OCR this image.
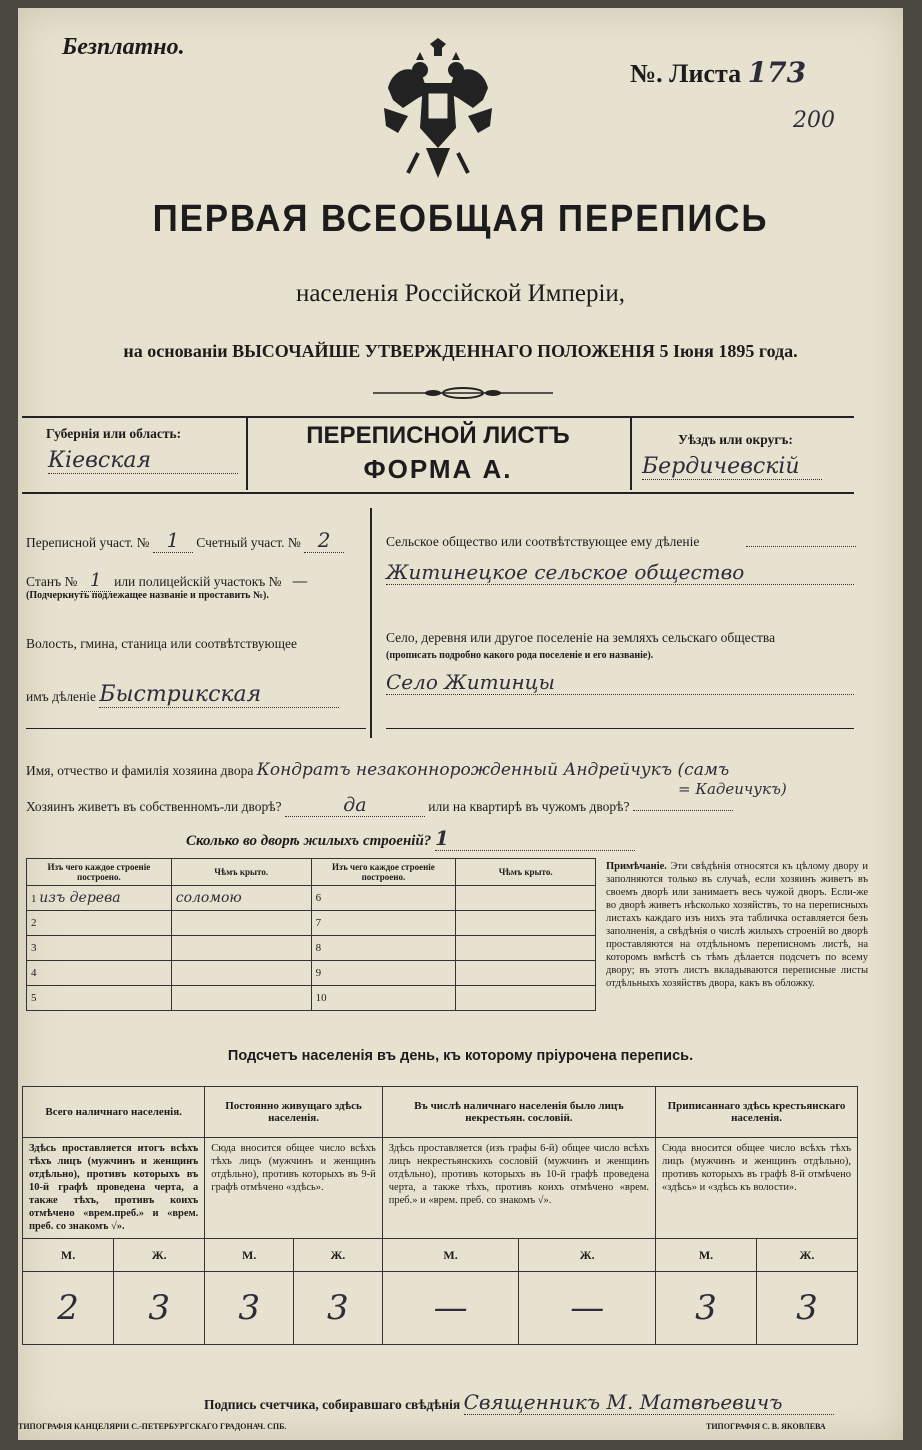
Безплатно.
№. Листа 173
200
ПЕРВАЯ ВСЕОБЩАЯ ПЕРЕПИСЬ
населенія Россійской Имперіи,
на основаніи ВЫСОЧАЙШЕ УТВЕРЖДЕННАГО ПОЛОЖЕНІЯ 5 Іюня 1895 года.
Губернія или область:
Кіевская
ПЕРЕПИСНОЙ ЛИСТЪ
ФОРМА А.
Уѣздъ или округъ:
Бердичевскій
Переписной участ. № 1 Счетный участ. № 2
Станъ № 1 или полицейскій участокъ № —
(Подчеркнуть подлежащее названіе и проставить №).
Волость, гмина, станица или соотвѣтствующее
имъ дѣленіе Быстрикская
Сельское общество или соотвѣтствующее ему дѣленіе
Житинецкое сельское общество
Село, деревня или другое поселеніе на земляхъ сельскаго общества
(прописать подробно какого рода поселеніе и его названіе).
Село Житинцы
Имя, отчество и фамилія хозяина двора Кондратъ незаконнорожденный Андрейчукъ (самъ
= Кадеичукъ)
Хозяинъ живетъ въ собственномъ-ли дворѣ?	да	или на квартирѣ въ чужомъ дворѣ?
Сколько во дворѣ жилыхъ строеній? 1
Изъ чего каждое строеніе построено.	Чѣмъ крыто.	Изъ чего каждое строеніе построено.	Чѣмъ крыто.
1 изъ дерева	соломою	6	
2		7	
3		8	
4		9	
5		10	
Примѣчаніе. Эти свѣдѣнія относятся къ цѣлому двору и заполняются только въ случаѣ, если хозяинъ живетъ въ своемъ дворѣ или занимаетъ весь чужой дворъ. Если-же во дворѣ живетъ нѣсколько хозяйствъ, то на переписныхъ листахъ каждаго изъ нихъ эта табличка оставляется безъ заполненія, а свѣдѣнія о числѣ жилыхъ строеній во дворѣ проставляются на отдѣльномъ переписномъ листѣ, на которомъ вмѣстѣ съ тѣмъ дѣлается подсчетъ по всему двору; въ этотъ листъ вкладываются переписные листы отдѣльныхъ хозяйствъ двора, какъ въ обложку.
Подсчетъ населенія въ день, къ которому пріурочена перепись.
Всего наличнаго населенія.		Постоянно живущаго здѣсь населенія.		Въ числѣ наличнаго населенія было лицъ некрестьян. сословій.		Приписаннаго здѣсь крестьянскаго населенія.	
Здѣсь проставляется итогъ всѣхъ тѣхъ лицъ (мужчинъ и женщинъ отдѣльно), противъ которыхъ въ 10-й графѣ проведена черта, а также тѣхъ, противъ коихъ отмѣчено «врем.преб.» и «врем. преб. со знакомъ √».		Сюда вносится общее число всѣхъ тѣхъ лицъ (мужчинъ и женщинъ отдѣльно), противъ которыхъ въ 9-й графѣ отмѣчено «здѣсь».		Здѣсь проставляется (изъ графы 6-й) общее число всѣхъ лицъ некрестьянскихъ сословій (мужчинъ и женщинъ отдѣльно), противъ которыхъ въ 10-й графѣ проведена черта, а также тѣхъ, противъ коихъ отмѣчено «врем. преб.» и «врем. преб. со знакомъ √».		Сюда вносится общее число всѣхъ тѣхъ лицъ (мужчинъ и женщинъ отдѣльно), противъ которыхъ въ графѣ 8-й отмѣчено «здѣсь» и «здѣсь къ волости».	
М.	Ж.	М.	Ж.	М.	Ж.	М.	Ж.
2	3	3	3	—	—	3	3
Подпись счетчика, собиравшаго свѣдѣнія Священникъ М. Матвѣевичъ
ТИПОГРАФІЯ КАНЦЕЛЯРІИ С.-ПЕТЕРБУРГСКАГО ГРАДОНАЧ. СПБ.	ТИПОГРАФІЯ С. В. ЯКОВЛЕВА
